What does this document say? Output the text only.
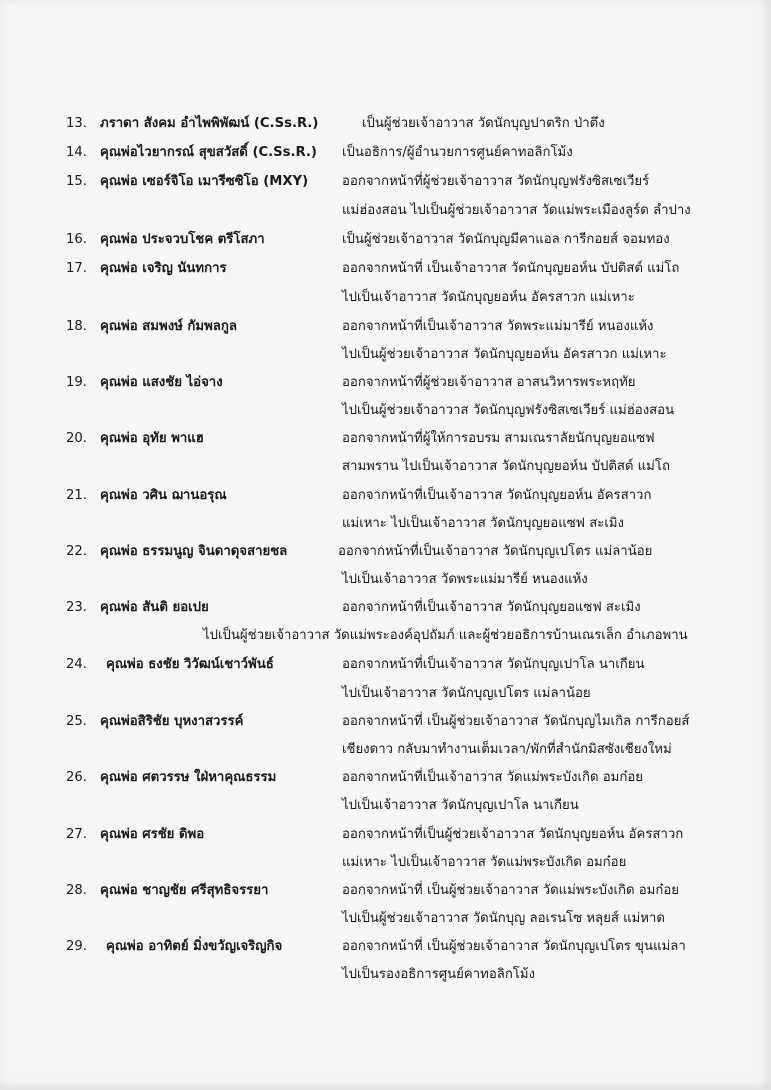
13. ภราดา สังคม อำไพพิพัฒน์ (C.Ss.R.)	เป็นผู้ช่วยเจ้าอาวาส วัดนักบุญปาตริก ป่าตึง
14. คุณพ่อไวยากรณ์ สุขสวัสดิ์ (C.Ss.R.) เป็นอธิการ/ผู้อำนวยการศูนย์คาทอลิกโม้ง
15. คุณพ่อ เซอร์จิโอ เมารีซซิโอ (MXY)	ออกจากหน้าที่ผู้ช่วยเจ้าอาวาส วัดนักบุญฟรังซิสเซเวียร์
แม่ฮ่องสอน ไปเป็นผู้ช่วยเจ้าอาวาส วัดแม่พระเมืองลูร์ด ลำปาง
16. คุณพ่อ ประจวบโชค ตรีโสภา	เป็นผู้ช่วยเจ้าอาวาส วัดนักบุญมีคาแอล การีกอยส์ จอมทอง
17. คุณพ่อ เจริญ นันทการ	ออกจากหน้าที่ เป็นเจ้าอาวาส วัดนักบุญยอห์น บัปติสต์ แม่โถ
ไปเป็นเจ้าอาวาส วัดนักบุญยอห์น อัครสาวก แม่เหาะ
18. คุณพ่อ สมพงษ์ กัมพลกูล	ออกจากหน้าที่เป็นเจ้าอาวาส วัดพระแม่มารีย์ หนองแห้ง
ไปเป็นผู้ช่วยเจ้าอาวาส วัดนักบุญยอห์น อัครสาวก แม่เหาะ
19. คุณพ่อ แสงชัย ไอ่จาง	ออกจากหน้าที่ผู้ช่วยเจ้าอาวาส อาสนวิหารพระหฤทัย
ไปเป็นผู้ช่วยเจ้าอาวาส วัดนักบุญฟรังซิสเซเวียร์ แม่ฮ่องสอน
20. คุณพ่อ อุทัย พาแฮ	ออกจากหน้าที่ผู้ให้การอบรม สามเณราลัยนักบุญยอแซฟ
สามพราน ไปเป็นเจ้าอาวาส วัดนักบุญยอห์น บัปติสต์ แม่โถ
21. คุณพ่อ วศิน ฌานอรุณ	ออกจากหน้าที่เป็นเจ้าอาวาส วัดนักบุญยอห์น อัครสาวก
แม่เหาะ ไปเป็นเจ้าอาวาส วัดนักบุญยอแซฟ สะเมิง
22. คุณพ่อ ธรรมนูญ จินดาดุจสายชล	ออกจากหน้าที่เป็นเจ้าอาวาส วัดนักบุญเปโตร แม่ลาน้อย
ไปเป็นเจ้าอาวาส วัดพระแม่มารีย์ หนองแห้ง
23. คุณพ่อ สันติ ยอเปย	ออกจากหน้าที่เป็นเจ้าอาวาส วัดนักบุญยอแซฟ สะเมิง
ไปเป็นผู้ช่วยเจ้าอาวาส วัดแม่พระองค์อุปถัมภ์ และผู้ช่วยอธิการบ้านเณรเล็ก อำเภอพาน
24. คุณพ่อ ธงชัย วิวัฒน์เชาว์พันธ์	ออกจากหน้าที่เป็นเจ้าอาวาส วัดนักบุญเปาโล นาเกียน
ไปเป็นเจ้าอาวาส วัดนักบุญเปโตร แม่ลาน้อย
25. คุณพ่อสิริชัย บุหงาสวรรค์	ออกจากหน้าที่ เป็นผู้ช่วยเจ้าอาวาส วัดนักบุญไมเกิล การีกอยส์
เชียงดาว กลับมาทำงานเต็มเวลา/พักที่สำนักมิสซังเชียงใหม่
26. คุณพ่อ ศตวรรษ ใฝ่หาคุณธรรม	ออกจากหน้าที่เป็นเจ้าอาวาส วัดแม่พระบังเกิด อมก๋อย
ไปเป็นเจ้าอาวาส วัดนักบุญเปาโล นาเกียน
27. คุณพ่อ ศรชัย ดิพอ	ออกจากหน้าที่เป็นผู้ช่วยเจ้าอาวาส วัดนักบุญยอห์น อัครสาวก
แม่เหาะ ไปเป็นเจ้าอาวาส วัดแม่พระบังเกิด อมก๋อย
28. คุณพ่อ ชาญชัย ศรีสุทธิจรรยา	ออกจากหน้าที่ เป็นผู้ช่วยเจ้าอาวาส วัดแม่พระบังเกิด อมก๋อย
ไปเป็นผู้ช่วยเจ้าอาวาส วัดนักบุญ ลอเรนโซ หลุยส์ แม่หาด
29. คุณพ่อ อาทิตย์ มิ่งขวัญเจริญกิจ	ออกจากหน้าที่ เป็นผู้ช่วยเจ้าอาวาส วัดนักบุญเปโตร ขุนแม่ลา
ไปเป็นรองอธิการศูนย์คาทอลิกโม้ง
